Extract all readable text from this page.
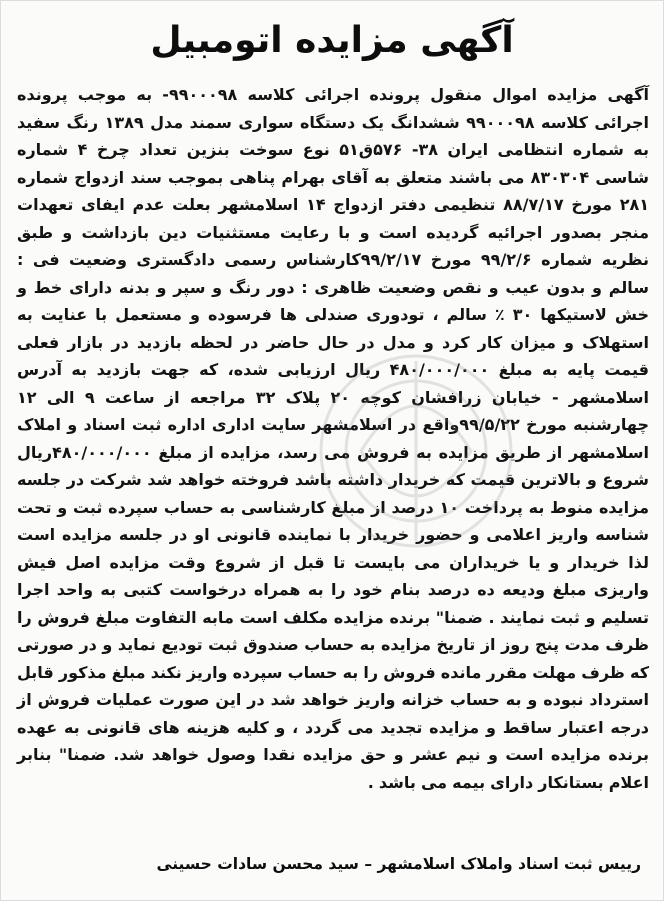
آگهی مزایده اتومبیل
آگهی مزایده اموال منقول پرونده اجرائی کلاسه ۹۹۰۰۰۹۸- به موجب پرونده اجرائی کلاسه ۹۹۰۰۰۹۸ ششدانگ یک دستگاه سواری سمند مدل ۱۳۸۹ رنگ سفید به شماره انتظامی ایران ۳۸- ۵۷۶ق۵۱ نوع سوخت بنزین تعداد چرخ ۴ شماره شاسی ۸۳۰۳۰۴ می باشند متعلق به آقای بهرام پناهی بموجب سند ازدواج شماره ۲۸۱ مورخ ۸۸/۷/۱۷ تنظیمی دفتر ازدواج ۱۴ اسلامشهر بعلت عدم ایفای تعهدات منجر بصدور اجرائیه گردیده است و با رعایت مستثنیات دین بازداشت و طبق نظریه شماره ۹۹/۲/۶ مورخ ۹۹/۲/۱۷کارشناس رسمی دادگستری وضعیت فی : سالم و بدون عیب و نقص وضعیت ظاهری : دور رنگ و سپر و بدنه دارای خط و خش لاستیکها ۳۰ ٪ سالم ، تودوری صندلی ها فرسوده و مستعمل با عنایت به استهلاک و میزان کار کرد و مدل در حال حاضر در لحظه بازدید در بازار فعلی قیمت پایه به مبلغ ۴۸۰/۰۰۰/۰۰۰ ریال ارزیابی شده، که جهت بازدید به آدرس اسلامشهر - خیابان زرافشان کوچه ۲۰ پلاک ۳۲ مراجعه از ساعت ۹ الی ۱۲ چهارشنبه مورخ ۹۹/۵/۲۲واقع در اسلامشهر سایت اداری اداره ثبت اسناد و املاک اسلامشهر از طریق مزایده به فروش می رسد، مزایده از مبلغ ۴۸۰/۰۰۰/۰۰۰ریال شروع و بالاترین قیمت که خریدار داشته باشد فروخته خواهد شد شرکت در جلسه مزایده منوط به پرداخت ۱۰ درصد از مبلغ کارشناسی به حساب سپرده ثبت و تحت شناسه واریز اعلامی و حضور خریدار با نماینده قانونی او در جلسه مزایده است لذا خریدار و یا خریداران می بایست تا قبل از شروع وقت مزایده اصل فیش واریزی مبلغ ودیعه ده درصد بنام خود را به همراه درخواست کتبی به واحد اجرا تسلیم و ثبت نمایند . ضمنا" برنده مزایده مکلف است مابه التفاوت مبلغ فروش را ظرف مدت پنج روز از تاریخ مزایده به حساب صندوق ثبت تودیع نماید و در صورتی که ظرف مهلت مقرر مانده فروش را به حساب سپرده واریز نکند مبلغ مذکور قابل استرداد نبوده و به حساب خزانه واریز خواهد شد در این صورت عملیات فروش از درجه اعتبار ساقط و مزایده تجدید می گردد ، و کلیه هزینه های قانونی به عهده برنده مزایده است و نیم عشر و حق مزایده نقدا وصول خواهد شد. ضمنا" بنابر اعلام بستانکار دارای بیمه می باشد .
رییس ثبت اسناد واملاک اسلامشهر – سید محسن سادات حسینی
